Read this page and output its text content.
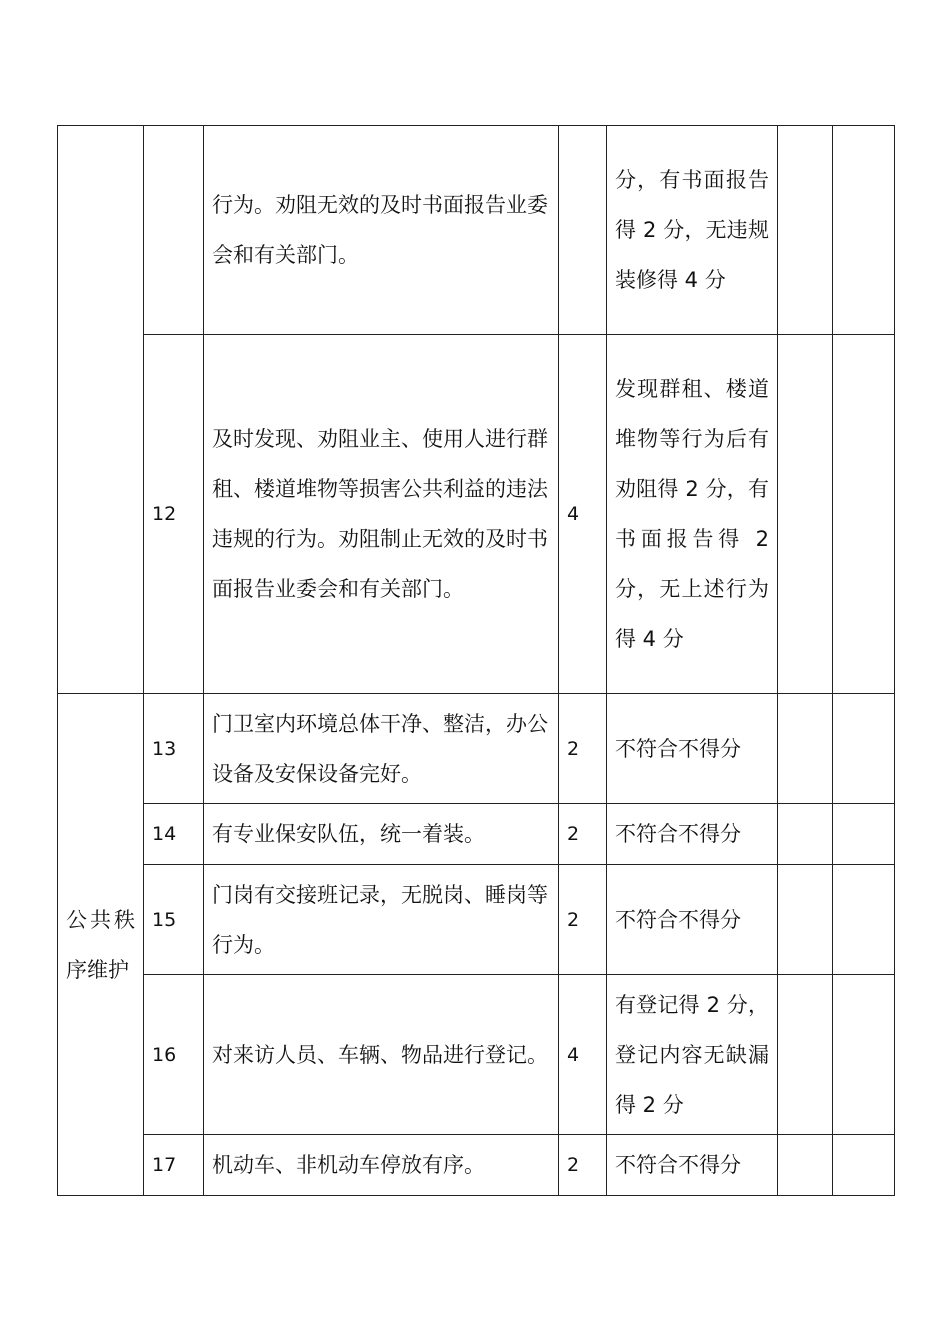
		行为。劝阻无效的及时书面报告业委会和有关部门。		分，有书面报告得 2 分，无违规装修得 4 分		
	12	及时发现、劝阻业主、使用人进行群租、楼道堆物等损害公共利益的违法违规的行为。劝阻制止无效的及时书面报告业委会和有关部门。	4	发现群租、楼道堆物等行为后有劝阻得 2 分，有书面报告得 2 分，无上述行为得 4 分		
公共秩序维护	13	门卫室内环境总体干净、整洁，办公设备及安保设备完好。	2	不符合不得分		
	14	有专业保安队伍，统一着装。	2	不符合不得分		
	15	门岗有交接班记录，无脱岗、睡岗等行为。	2	不符合不得分		
	16	对来访人员、车辆、物品进行登记。	4	有登记得 2 分，登记内容无缺漏得 2 分		
	17	机动车、非机动车停放有序。	2	不符合不得分		
